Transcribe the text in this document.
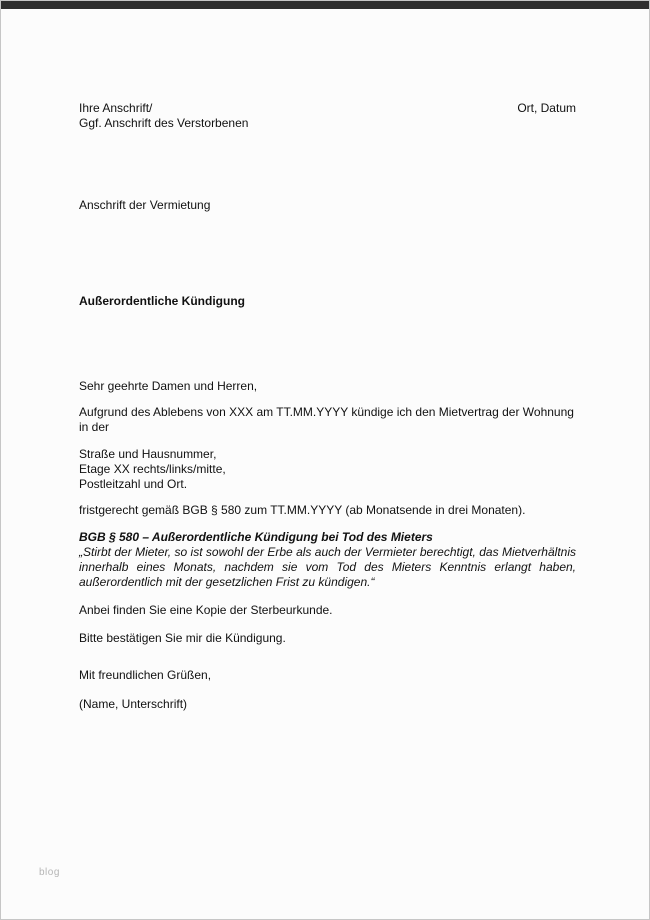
Ihre Anschrift/
Ggf. Anschrift des Verstorbenen
Ort, Datum
Anschrift der Vermietung
Außerordentliche Kündigung
Sehr geehrte Damen und Herren,
Aufgrund des Ablebens von XXX am TT.MM.YYYY kündige ich den Mietvertrag der Wohnung in der
Straße und Hausnummer,
Etage XX rechts/links/mitte,
Postleitzahl und Ort.
fristgerecht gemäß BGB § 580 zum TT.MM.YYYY (ab Monatsende in drei Monaten).
BGB § 580 – Außerordentliche Kündigung bei Tod des Mieters
„Stirbt der Mieter, so ist sowohl der Erbe als auch der Vermieter berechtigt, das Mietverhältnis innerhalb eines Monats, nachdem sie vom Tod des Mieters Kenntnis erlangt haben, außerordentlich mit der gesetzlichen Frist zu kündigen.“
Anbei finden Sie eine Kopie der Sterbeurkunde.
Bitte bestätigen Sie mir die Kündigung.
Mit freundlichen Grüßen,
(Name, Unterschrift)
blog
